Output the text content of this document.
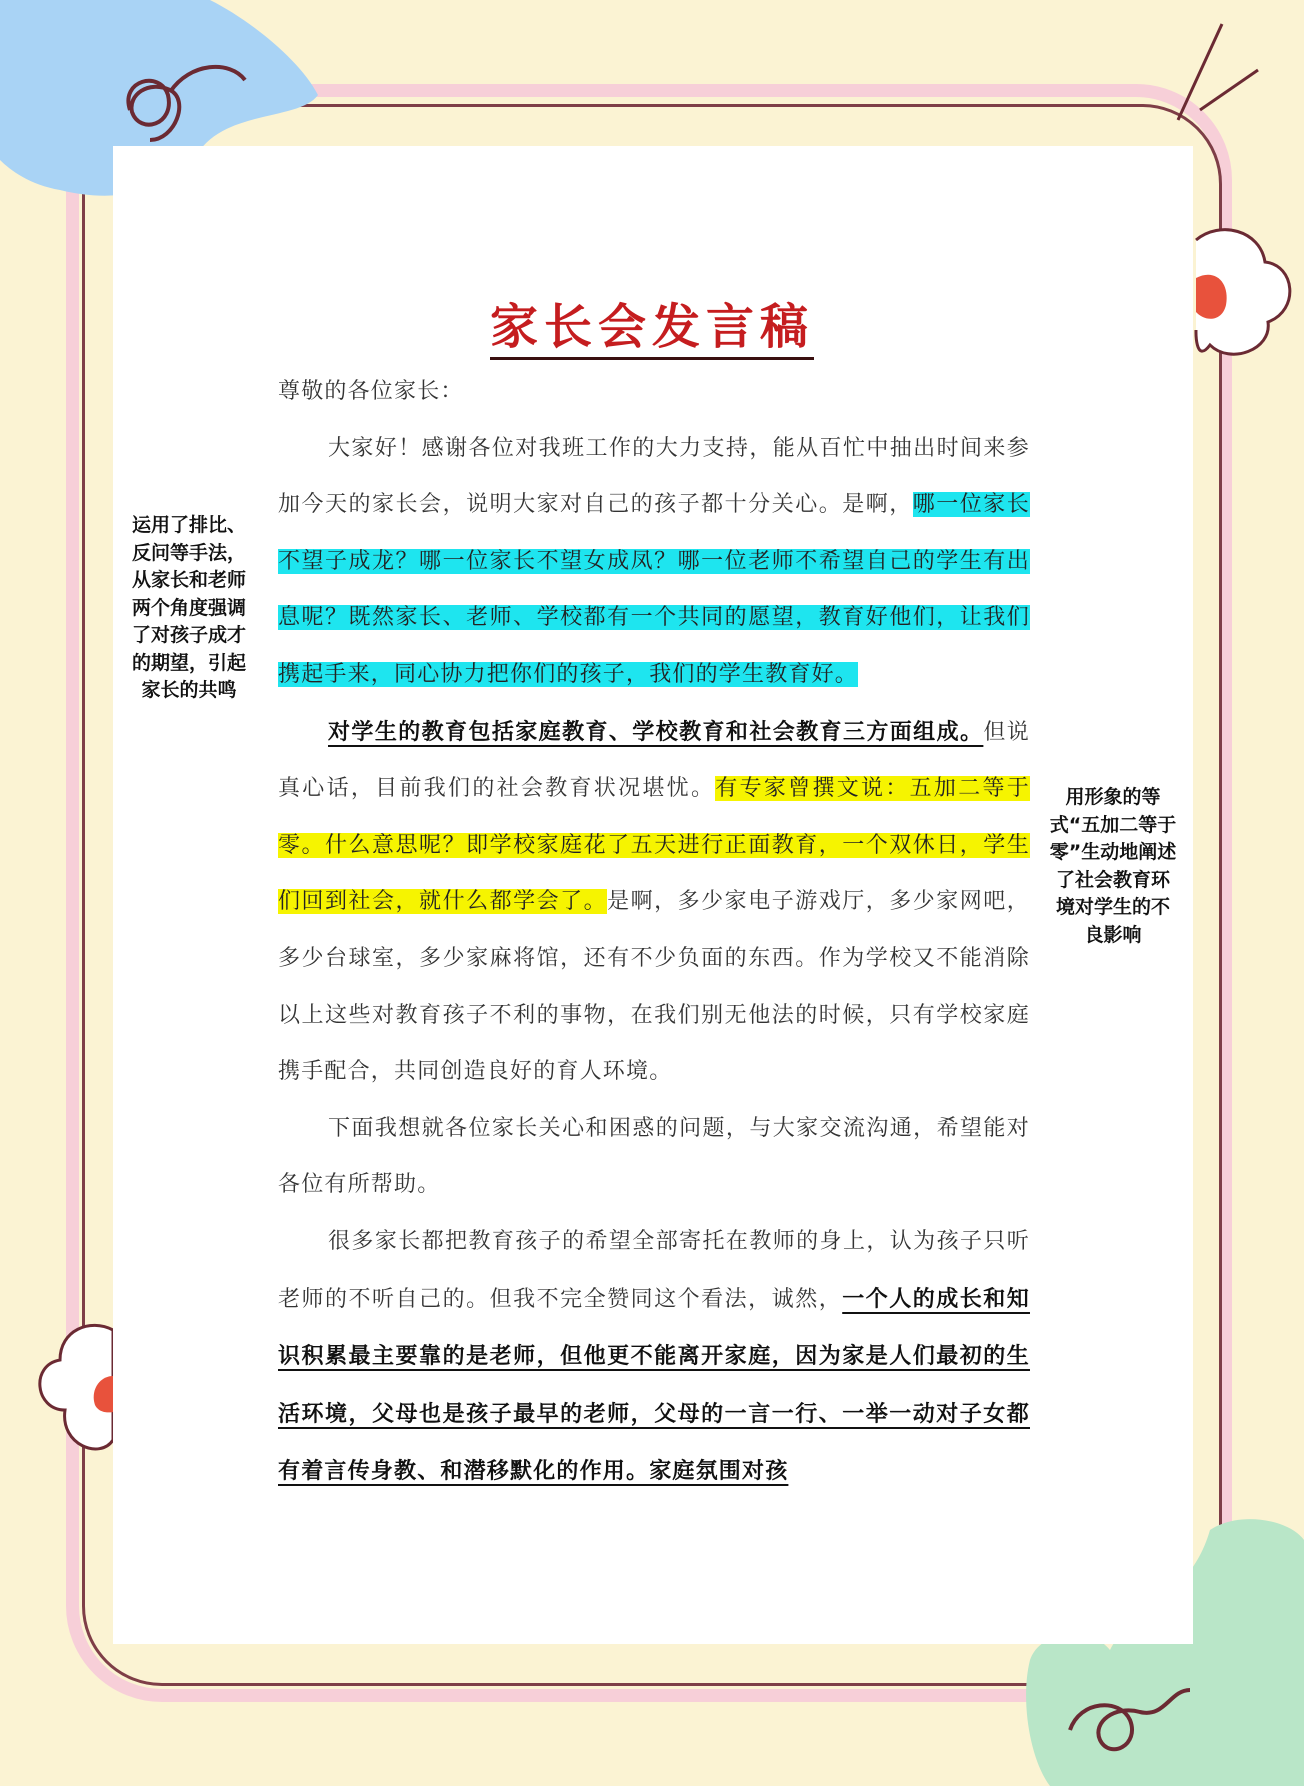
家长会发言稿

尊敬的各位家长：

大家好！感谢各位对我班工作的大力支持，能从百忙中抽出时间来参加今天的家长会，说明大家对自己的孩子都十分关心。是啊，哪一位家长不望子成龙？哪一位家长不望女成凤？哪一位老师不希望自己的学生有出息呢？既然家长、老师、学校都有一个共同的愿望，教育好他们，让我们携起手来，同心协力把你们的孩子，我们的学生教育好。

对学生的教育包括家庭教育、学校教育和社会教育三方面组成。但说真心话，目前我们的社会教育状况堪忧。有专家曾撰文说：五加二等于零。什么意思呢？即学校家庭花了五天进行正面教育，一个双休日，学生们回到社会，就什么都学会了。是啊，多少家电子游戏厅，多少家网吧，多少台球室，多少家麻将馆，还有不少负面的东西。作为学校又不能消除以上这些对教育孩子不利的事物，在我们别无他法的时候，只有学校家庭携手配合，共同创造良好的育人环境。

下面我想就各位家长关心和困惑的问题，与大家交流沟通，希望能对各位有所帮助。

很多家长都把教育孩子的希望全部寄托在教师的身上，认为孩子只听老师的不听自己的。但我不完全赞同这个看法，诚然，一个人的成长和知识积累最主要靠的是老师，但他更不能离开家庭，因为家是人们最初的生活环境，父母也是孩子最早的老师，父母的一言一行、一举一动对子女都有着言传身教、和潜移默化的作用。家庭氛围对孩

运用了排比、反问等手法，从家长和老师两个角度强调了对孩子成才的期望，引起家长的共鸣
用形象的等式“五加二等于零”生动地阐述了社会教育环境对学生的不良影响
